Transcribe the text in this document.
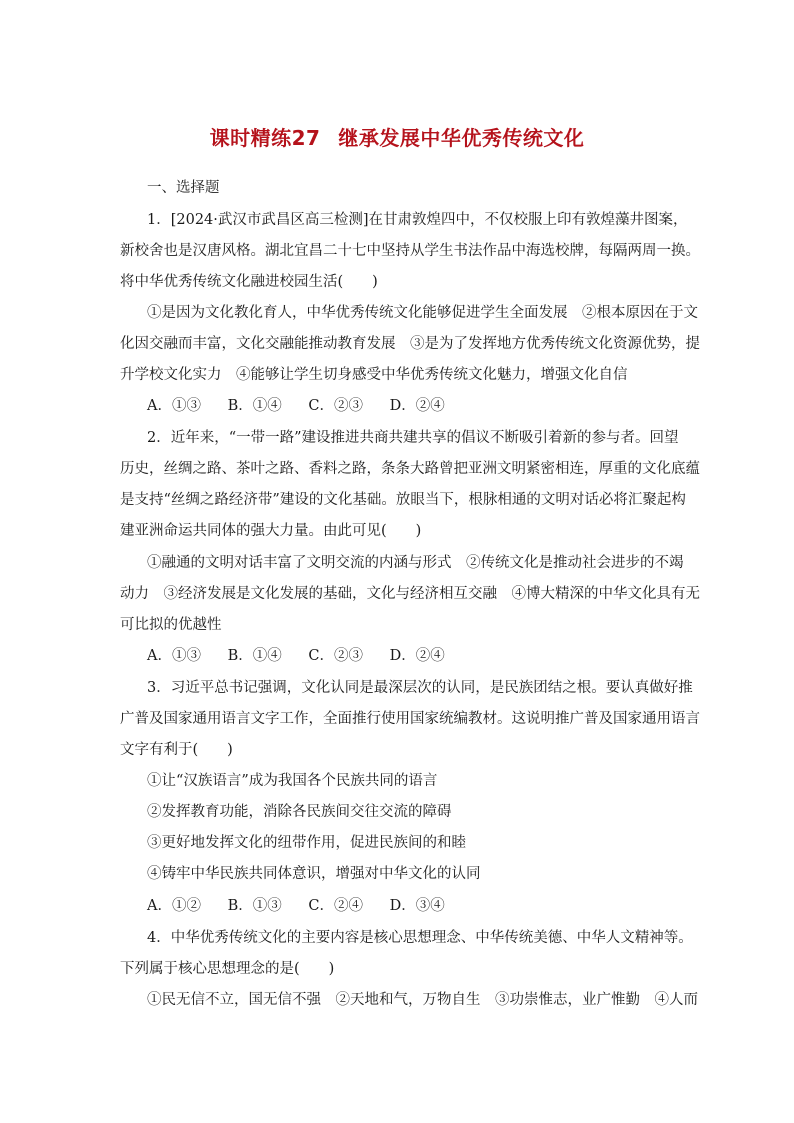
课时精练27 继承发展中华优秀传统文化
一、选择题
1．[2024·武汉市武昌区高三检测]在甘肃敦煌四中，不仅校服上印有敦煌藻井图案，
新校舍也是汉唐风格。湖北宜昌二十七中坚持从学生书法作品中海选校牌，每隔两周一换。
将中华优秀传统文化融进校园生活(　　)
①是因为文化教化育人，中华优秀传统文化能够促进学生全面发展　②根本原因在于文
化因交融而丰富，文化交融能推动教育发展　③是为了发挥地方优秀传统文化资源优势，提
升学校文化实力　④能够让学生切身感受中华优秀传统文化魅力，增强文化自信
A．①③ B．①④ C．②③ D．②④
2．近年来，“一带一路”建设推进共商共建共享的倡议不断吸引着新的参与者。回望
历史，丝绸之路、茶叶之路、香料之路，条条大路曾把亚洲文明紧密相连，厚重的文化底蕴
是支持“丝绸之路经济带”建设的文化基础。放眼当下，根脉相通的文明对话必将汇聚起构
建亚洲命运共同体的强大力量。由此可见(　　)
①融通的文明对话丰富了文明交流的内涵与形式　②传统文化是推动社会进步的不竭
动力　③经济发展是文化发展的基础，文化与经济相互交融　④博大精深的中华文化具有无
可比拟的优越性
A．①③ B．①④ C．②③ D．②④
3．习近平总书记强调，文化认同是最深层次的认同，是民族团结之根。要认真做好推
广普及国家通用语言文字工作，全面推行使用国家统编教材。这说明推广普及国家通用语言
文字有利于(　　)
①让“汉族语言”成为我国各个民族共同的语言
②发挥教育功能，消除各民族间交往交流的障碍
③更好地发挥文化的纽带作用，促进民族间的和睦
④铸牢中华民族共同体意识，增强对中华文化的认同
A．①② B．①③ C．②④ D．③④
4．中华优秀传统文化的主要内容是核心思想理念、中华传统美德、中华人文精神等。
下列属于核心思想理念的是(　　)
①民无信不立，国无信不强　②天地和气，万物自生　③功崇惟志，业广惟勤　④人而
